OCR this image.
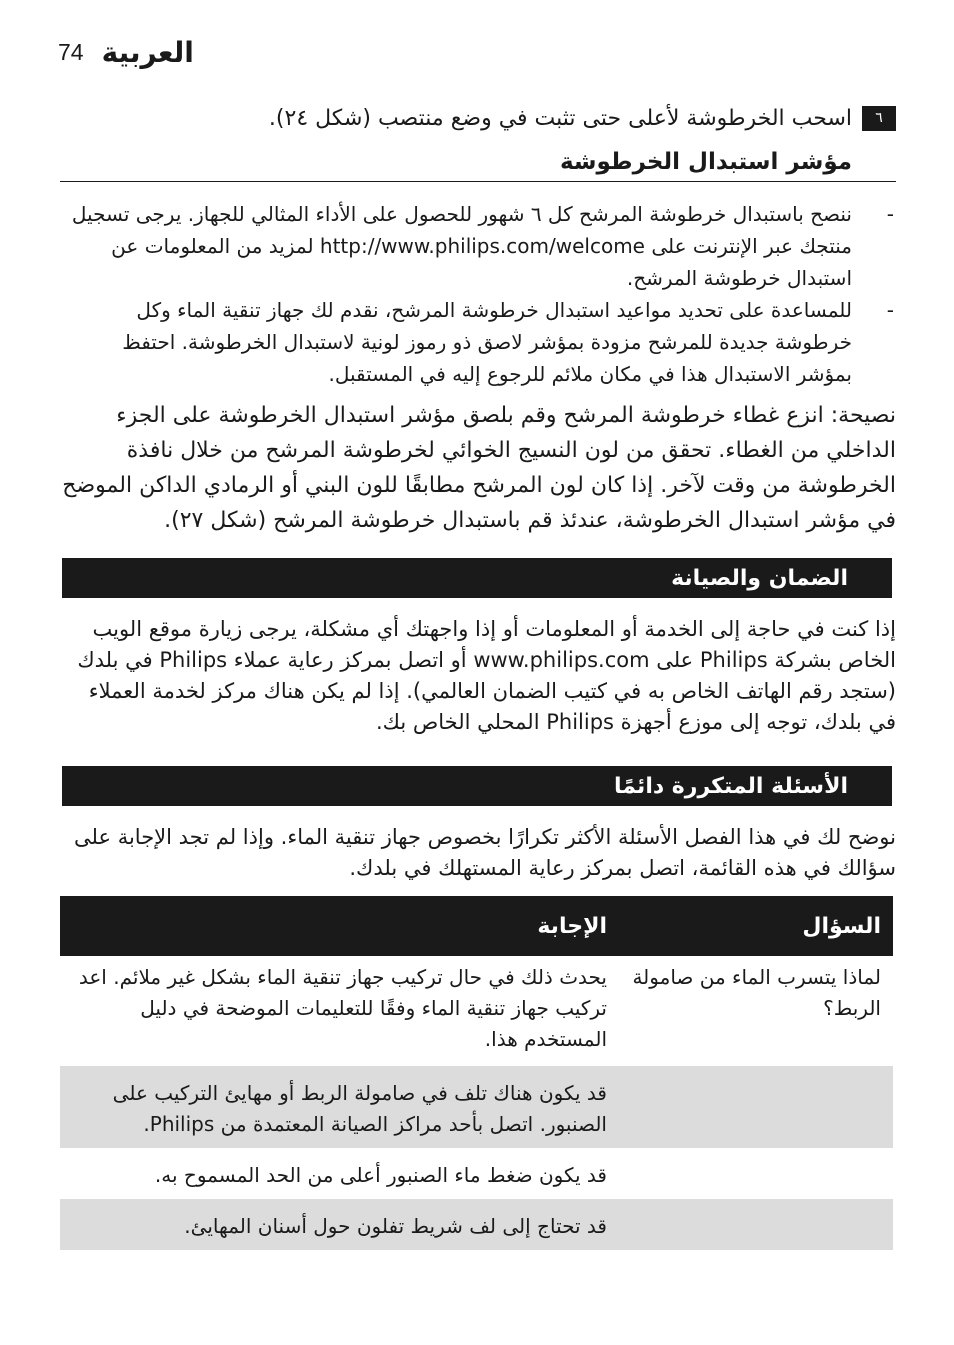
74 العربية
٦
اسحب الخرطوشة لأعلى حتى تثبت في وضع منتصب (شكل ٢٤).
مؤشر استبدال الخرطوشة
-
ننصح باستبدال خرطوشة المرشح كل ٦ شهور للحصول على الأداء المثالي للجهاز. يرجى تسجيل منتجك عبر الإنترنت على http://www.philips.com/welcome لمزيد من المعلومات عن استبدال خرطوشة المرشح.
-
للمساعدة على تحديد مواعيد استبدال خرطوشة المرشح، نقدم لك جهاز تنقية الماء وكل خرطوشة جديدة للمرشح مزودة بمؤشر لاصق ذو رموز لونية لاستبدال الخرطوشة. احتفظ بمؤشر الاستبدال هذا في مكان ملائم للرجوع إليه في المستقبل.
نصيحة: انزع غطاء خرطوشة المرشح وقم بلصق مؤشر استبدال الخرطوشة على الجزء الداخلي من الغطاء. تحقق من لون النسيج الخوائي لخرطوشة المرشح من خلال نافذة الخرطوشة من وقت لآخر. إذا كان لون المرشح مطابقًا للون البني أو الرمادي الداكن الموضح في مؤشر استبدال الخرطوشة، عندئذ قم باستبدال خرطوشة المرشح (شكل ٢٧).
الضمان والصيانة
إذا كنت في حاجة إلى الخدمة أو المعلومات أو إذا واجهتك أي مشكلة، يرجى زيارة موقع الويب الخاص بشركة Philips على www.philips.com أو اتصل بمركز رعاية عملاء Philips في بلدك (ستجد رقم الهاتف الخاص به في كتيب الضمان العالمي). إذا لم يكن هناك مركز لخدمة العملاء في بلدك، توجه إلى موزع أجهزة Philips المحلي الخاص بك.
الأسئلة المتكررة دائمًا
نوضح لك في هذا الفصل الأسئلة الأكثر تكرارًا بخصوص جهاز تنقية الماء. وإذا لم تجد الإجابة على سؤالك في هذه القائمة، اتصل بمركز رعاية المستهلك في بلدك.
السؤال	الإجابة
لماذا يتسرب الماء من صامولة الربط؟	يحدث ذلك في حال تركيب جهاز تنقية الماء بشكل غير ملائم. اعد تركيب جهاز تنقية الماء وفقًا للتعليمات الموضحة في دليل المستخدم هذا.
	قد يكون هناك تلف في صامولة الربط أو مهايئ التركيب على الصنبور. اتصل بأحد مراكز الصيانة المعتمدة من Philips.
	قد يكون ضغط ماء الصنبور أعلى من الحد المسموح به.
	قد تحتاج إلى لف شريط تفلون حول أسنان المهايئ.
